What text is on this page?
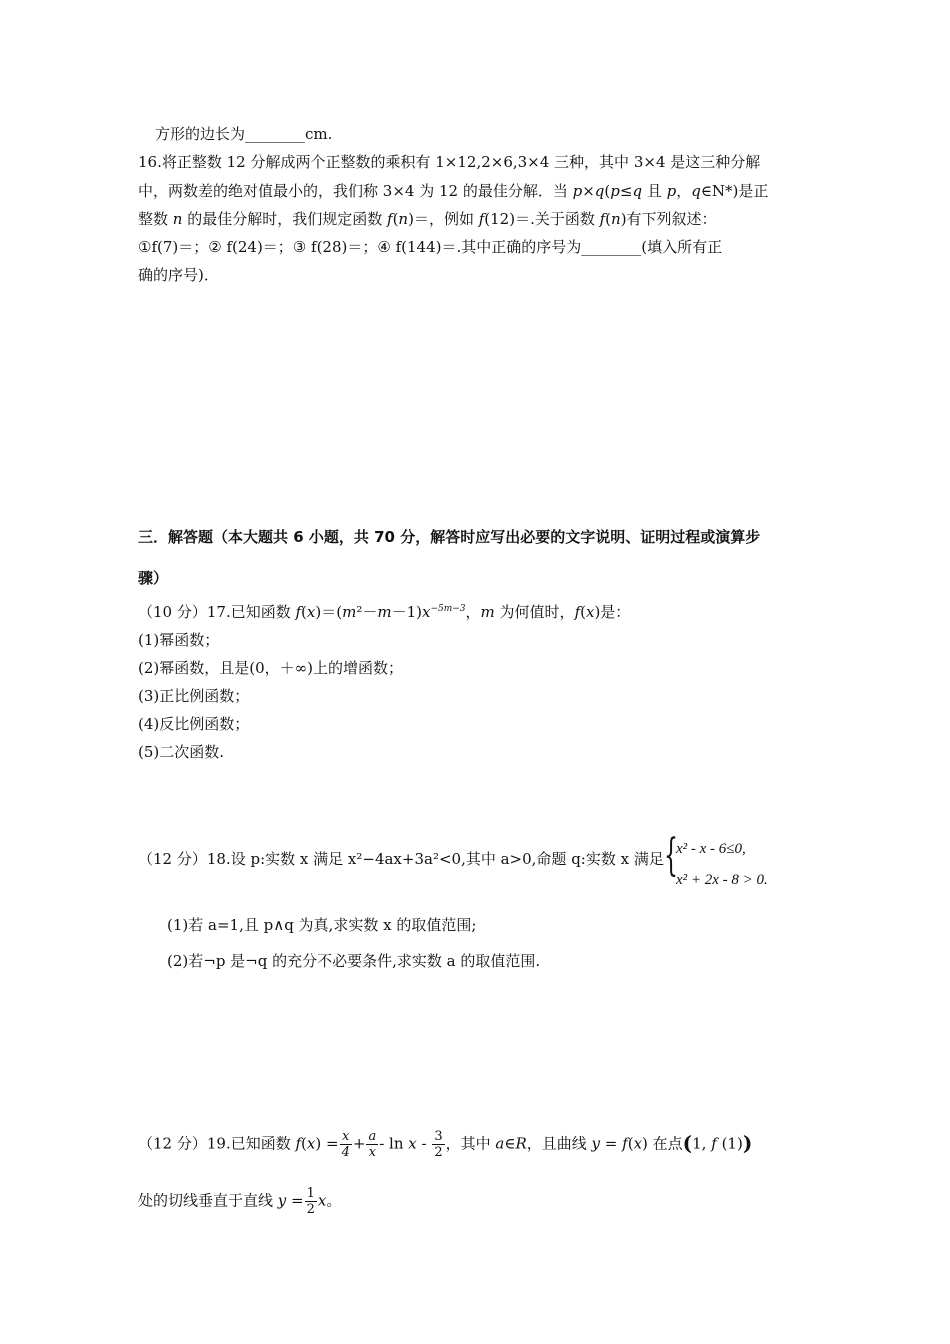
方形的边长为________cm.
16.将正整数 12 分解成两个正整数的乘积有 1×12,2×6,3×4 三种，其中 3×4 是这三种分解
中，两数差的绝对值最小的，我们称 3×4 为 12 的最佳分解．当 p×q(p≤q 且 p，q∈N*)是正
整数 n 的最佳分解时，我们规定函数 f(n)＝，例如 f(12)＝.关于函数 f(n)有下列叙述：
①f(7)＝；② f(24)＝；③ f(28)＝；④ f(144)＝.其中正确的序号为________(填入所有正
确的序号)．
三．解答题（本大题共 6 小题，共 70 分，解答时应写出必要的文字说明、证明过程或演算步
骤）
（10 分）17.已知函数 $f(x)=(m^2-m-1)x^{-5m-3}$，m 为何值时，f(x)是：
(1)幂函数；
(2)幂函数，且是(0，＋∞)上的增函数；
(3)正比例函数；
(4)反比例函数；
(5)二次函数.
（12 分）18.设 p:实数 x 满足 x²−4ax+3a²<0,其中 a>0,命题 q:实数 x 满足 {
x² - x - 6≤0,
x² + 2x - 8 > 0.
(1)若 a=1,且 p∧q 为真,求实数 x 的取值范围;
(2)若¬p 是¬q 的充分不必要条件,求实数 a 的取值范围.
（12 分）19.已知函数 $f(x) = \frac{x}{4} + \frac{a}{x} - \ln x - \frac{3}{2}$ ，其中 a∈R，且曲线 y = f(x) 在点(1, f (1))
处的切线垂直于直线 $y = \frac{1}{2}$ x。
